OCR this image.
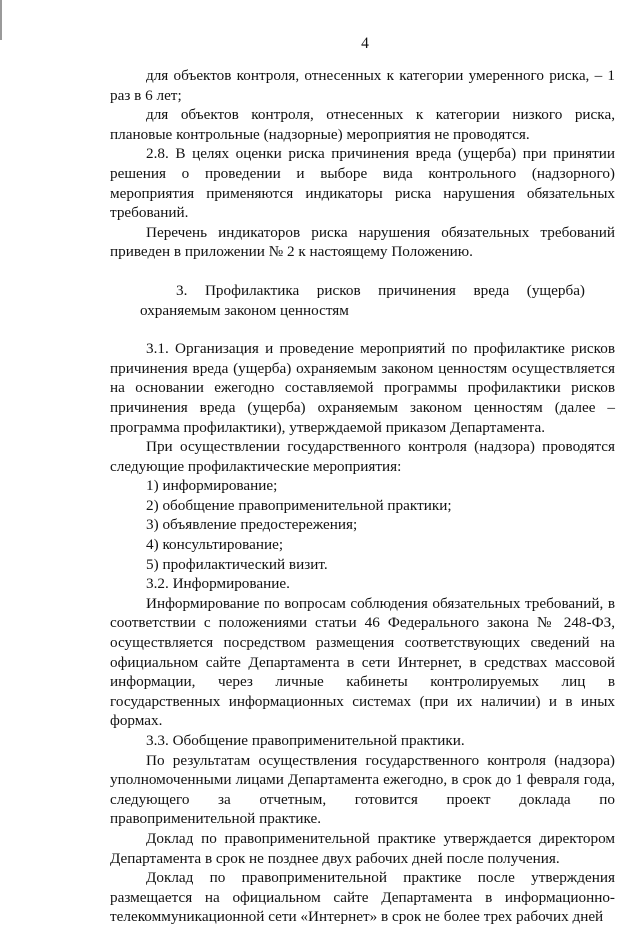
4

для объектов контроля, отнесенных к категории умеренного риска, – 1 раз в 6 лет;

для объектов контроля, отнесенных к категории низкого риска, плановые контрольные (надзорные) мероприятия не проводятся.

2.8. В целях оценки риска причинения вреда (ущерба) при принятии решения о проведении и выборе вида контрольного (надзорного) мероприятия применяются индикаторы риска нарушения обязательных требований.

Перечень индикаторов риска нарушения обязательных требований приведен в приложении № 2 к настоящему Положению.

3. Профилактика рисков причинения вреда (ущерба) охраняемым законом ценностям

3.1. Организация и проведение мероприятий по профилактике рисков причинения вреда (ущерба) охраняемым законом ценностям осуществляется на основании ежегодно составляемой программы профилактики рисков причинения вреда (ущерба) охраняемым законом ценностям (далее – программа профилактики), утверждаемой приказом Департамента.

При осуществлении государственного контроля (надзора) проводятся следующие профилактические мероприятия:

1) информирование;

2) обобщение правоприменительной практики;

3) объявление предостережения;

4) консультирование;

5) профилактический визит.

3.2. Информирование.

Информирование по вопросам соблюдения обязательных требований, в соответствии с положениями статьи 46 Федерального закона № 248-ФЗ, осуществляется посредством размещения соответствующих сведений на официальном сайте Департамента в сети Интернет, в средствах массовой информации, через личные кабинеты контролируемых лиц в государственных информационных системах (при их наличии) и в иных формах.

3.3. Обобщение правоприменительной практики.

По результатам осуществления государственного контроля (надзора) уполномоченными лицами Департамента ежегодно, в срок до 1 февраля года, следующего за отчетным, готовится проект доклада по правоприменительной практике.

Доклад по правоприменительной практике утверждается директором Департамента в срок не позднее двух рабочих дней после получения.

Доклад по правоприменительной практике после утверждения размещается на официальном сайте Департамента в информационно-телекоммуникационной сети «Интернет» в срок не более трех рабочих дней
